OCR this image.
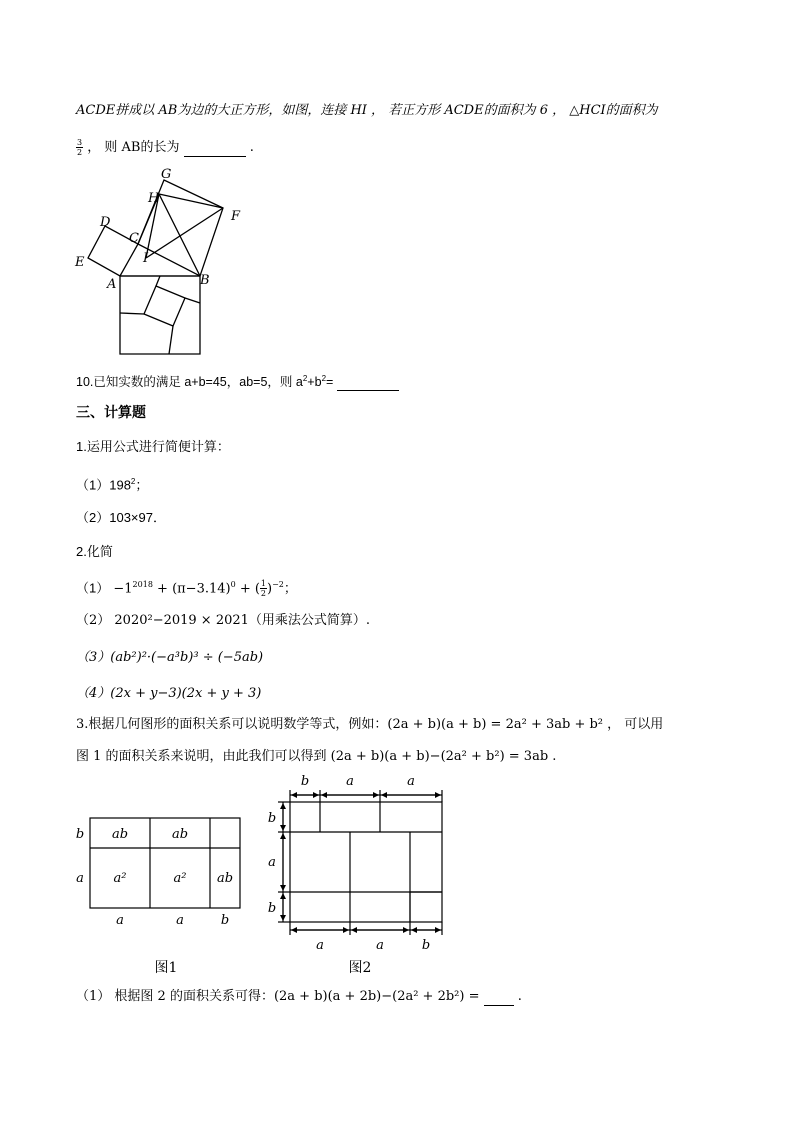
ACDE拼成以 AB为边的大正方形，如图，连接 HI ， 若正方形 ACDE的面积为 6 ， △HCI的面积为
$\frac{3}{2}$ ， 则 AB的长为	.
G
H
F
D
C
E	I
A	B
10.已知实数的满足 a+b=45，ab=5，则 $a^2+b^2=$
三、计算题
1.运用公式进行简便计算：
$(1)198^2$；
（2）103×97．
2.化简
$(1) -1^{2018} + (\pi-3.14)^0$ + ( $\frac{1}{2} )^{-2}$；
（2） 2020²−2019 × 2021（用乘法公式简算）.
（3）(ab²)²·(−a³b)³ ÷ (−5ab)
（4）(2x + y−3)(2x + y + 3)
3.根据几何图形的面积关系可以说明数学等式，例如：(2a + b)(a + b) = 2a² + 3ab + b² ， 可以用
图 1 的面积关系来说明，由此我们可以得到 (2a + b)(a + b)−(2a² + b²) = 3ab .
ab	ab
a²	a² ab
b
a
a	a	b
图1
b	a	a
b
a
b
a	a	b
图2
（1） 根据图 2 的面积关系可得：(2a + b)(a + 2b)−(2a² + 2b²) =	.
